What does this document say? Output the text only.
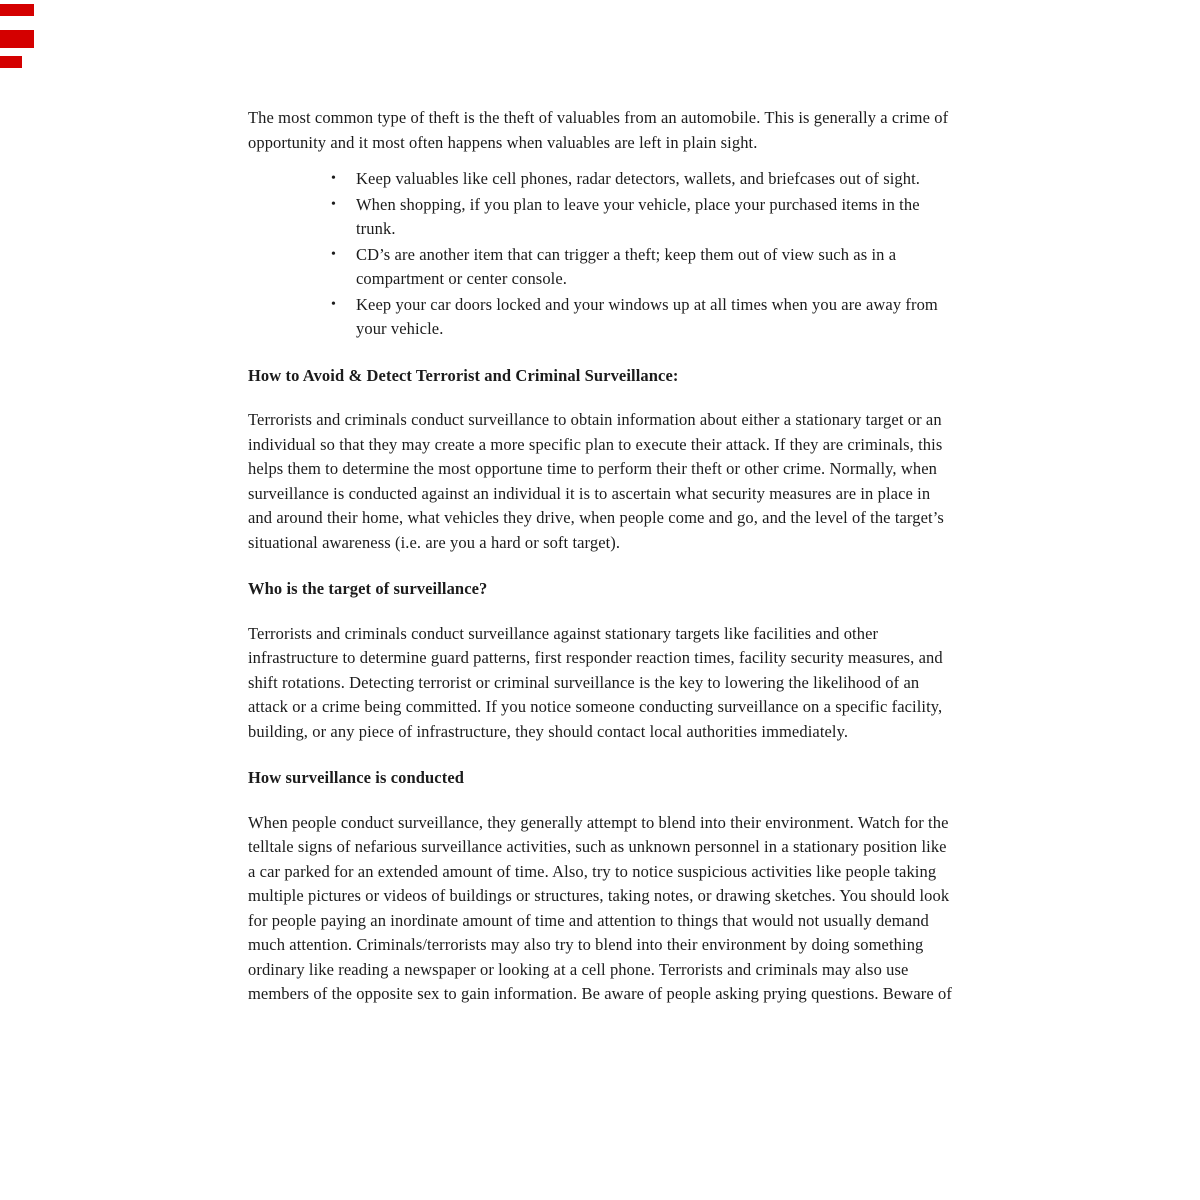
The most common type of theft is the theft of valuables from an automobile. This is generally a crime of opportunity and it most often happens when valuables are left in plain sight.

• Keep valuables like cell phones, radar detectors, wallets, and briefcases out of sight.
• When shopping, if you plan to leave your vehicle, place your purchased items in the trunk.
• CD’s are another item that can trigger a theft; keep them out of view such as in a compartment or center console.
• Keep your car doors locked and your windows up at all times when you are away from your vehicle.
How to Avoid & Detect Terrorist and Criminal Surveillance:

Terrorists and criminals conduct surveillance to obtain information about either a stationary target or an individual so that they may create a more specific plan to execute their attack. If they are criminals, this helps them to determine the most opportune time to perform their theft or other crime. Normally, when surveillance is conducted against an individual it is to ascertain what security measures are in place in and around their home, what vehicles they drive, when people come and go, and the level of the target’s situational awareness (i.e. are you a hard or soft target).

Who is the target of surveillance?

Terrorists and criminals conduct surveillance against stationary targets like facilities and other infrastructure to determine guard patterns, first responder reaction times, facility security measures, and shift rotations. Detecting terrorist or criminal surveillance is the key to lowering the likelihood of an attack or a crime being committed. If you notice someone conducting surveillance on a specific facility, building, or any piece of infrastructure, they should contact local authorities immediately.

How surveillance is conducted

When people conduct surveillance, they generally attempt to blend into their environment. Watch for the telltale signs of nefarious surveillance activities, such as unknown personnel in a stationary position like a car parked for an extended amount of time. Also, try to notice suspicious activities like people taking multiple pictures or videos of buildings or structures, taking notes, or drawing sketches. You should look for people paying an inordinate amount of time and attention to things that would not usually demand much attention. Criminals/terrorists may also try to blend into their environment by doing something ordinary like reading a newspaper or looking at a cell phone. Terrorists and criminals may also use members of the opposite sex to gain information. Be aware of people asking prying questions. Beware of
